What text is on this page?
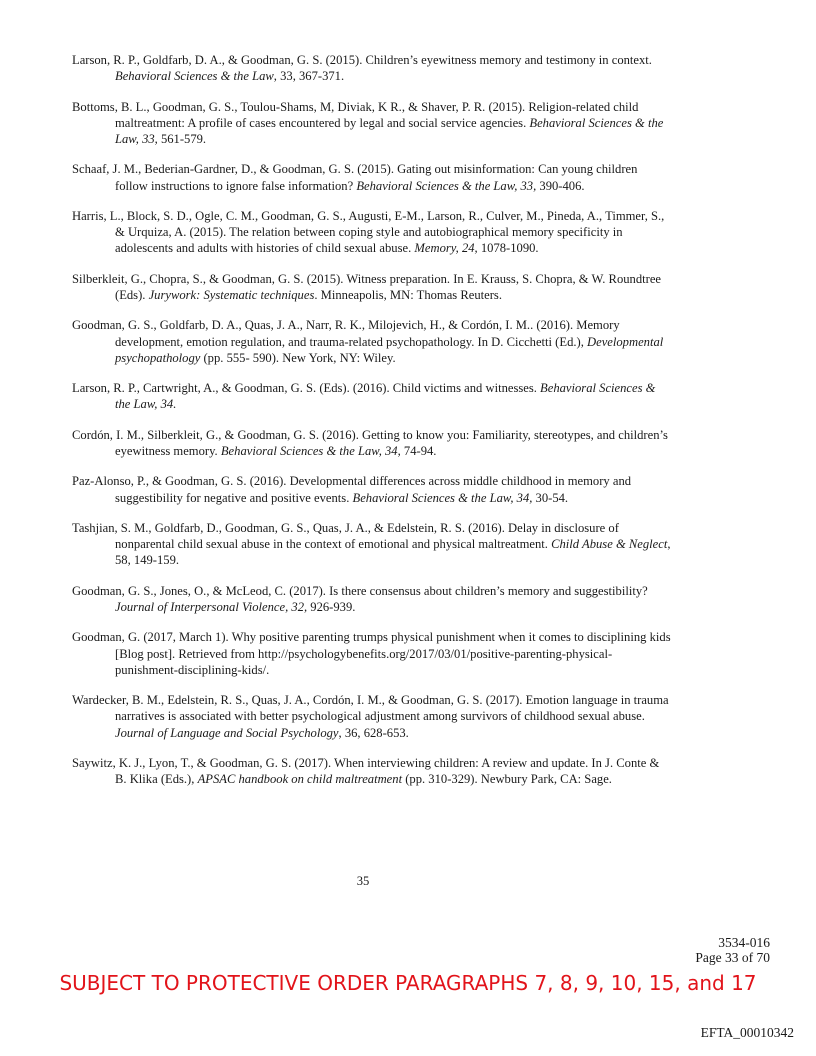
Larson, R. P., Goldfarb, D. A., & Goodman, G. S. (2015). Children’s eyewitness memory and testimony in context. Behavioral Sciences & the Law, 33, 367-371.

Bottoms, B. L., Goodman, G. S., Toulou-Shams, M, Diviak, K R., & Shaver, P. R. (2015). Religion-related child maltreatment: A profile of cases encountered by legal and social service agencies. Behavioral Sciences & the Law, 33, 561-579.

Schaaf, J. M., Bederian-Gardner, D., & Goodman, G. S. (2015). Gating out misinformation: Can young children follow instructions to ignore false information? Behavioral Sciences & the Law, 33, 390-406.

Harris, L., Block, S. D., Ogle, C. M., Goodman, G. S., Augusti, E-M., Larson, R., Culver, M., Pineda, A., Timmer, S., & Urquiza, A. (2015). The relation between coping style and autobiographical memory specificity in adolescents and adults with histories of child sexual abuse. Memory, 24, 1078-1090.

Silberkleit, G., Chopra, S., & Goodman, G. S. (2015). Witness preparation. In E. Krauss, S. Chopra, & W. Roundtree (Eds). Jurywork: Systematic techniques. Minneapolis, MN: Thomas Reuters.

Goodman, G. S., Goldfarb, D. A., Quas, J. A., Narr, R. K., Milojevich, H., & Cordón, I. M.. (2016). Memory development, emotion regulation, and trauma-related psychopathology. In D. Cicchetti (Ed.), Developmental psychopathology (pp. 555- 590). New York, NY: Wiley.

Larson, R. P., Cartwright, A., & Goodman, G. S. (Eds). (2016). Child victims and witnesses. Behavioral Sciences & the Law, 34.

Cordón, I. M., Silberkleit, G., & Goodman, G. S. (2016). Getting to know you: Familiarity, stereotypes, and children’s eyewitness memory. Behavioral Sciences & the Law, 34, 74-94.

Paz-Alonso, P., & Goodman, G. S. (2016). Developmental differences across middle childhood in memory and suggestibility for negative and positive events. Behavioral Sciences & the Law, 34, 30-54.

Tashjian, S. M., Goldfarb, D., Goodman, G. S., Quas, J. A., & Edelstein, R. S. (2016). Delay in disclosure of nonparental child sexual abuse in the context of emotional and physical maltreatment. Child Abuse & Neglect, 58, 149-159.

Goodman, G. S., Jones, O., & McLeod, C. (2017). Is there consensus about children’s memory and suggestibility? Journal of Interpersonal Violence, 32, 926-939.

Goodman, G. (2017, March 1). Why positive parenting trumps physical punishment when it comes to disciplining kids [Blog post]. Retrieved from http://psychologybenefits.org/2017/03/01/positive-parenting-physical-punishment-disciplining-kids/.

Wardecker, B. M., Edelstein, R. S., Quas, J. A., Cordón, I. M., & Goodman, G. S. (2017). Emotion language in trauma narratives is associated with better psychological adjustment among survivors of childhood sexual abuse. Journal of Language and Social Psychology, 36, 628-653.

Saywitz, K. J., Lyon, T., & Goodman, G. S. (2017). When interviewing children: A review and update. In J. Conte & B. Klika (Eds.), APSAC handbook on child maltreatment (pp. 310-329). Newbury Park, CA: Sage.

35
3534-016
Page 33 of 70
SUBJECT TO PROTECTIVE ORDER PARAGRAPHS 7, 8, 9, 10, 15, and 17
EFTA_00010342
